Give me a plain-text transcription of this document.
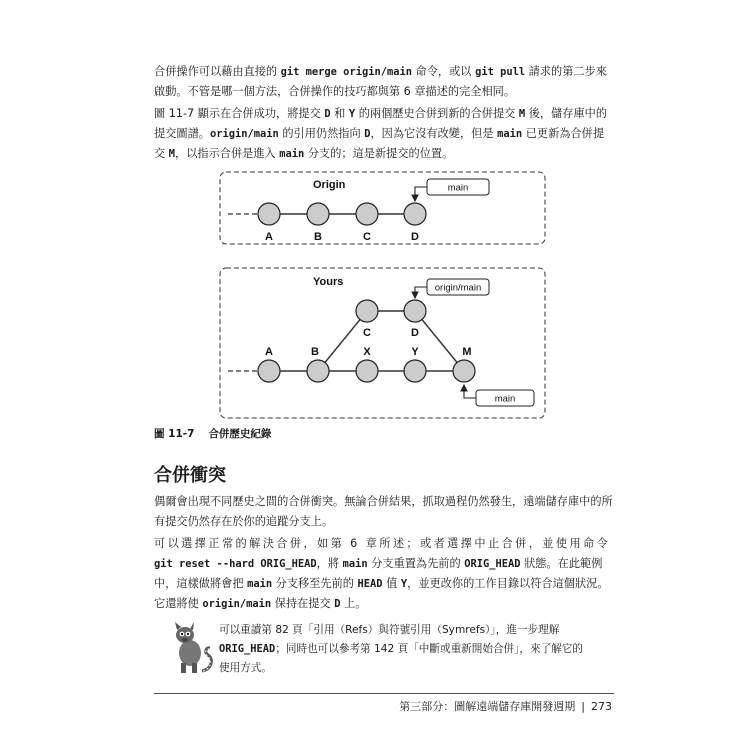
合併操作可以藉由直接的 git merge origin/main 命令，或以 git pull 請求的第二步來啟動。不管是哪一個方法，合併操作的技巧都與第 6 章描述的完全相同。

圖 11-7 顯示在合併成功，將提交 D 和 Y 的兩個歷史合併到新的合併提交 M 後，儲存庫中的提交圖譜。origin/main 的引用仍然指向 D，因為它沒有改變，但是 main 已更新為合併提交 M，以指示合併是進入 main 分支的；這是新提交的位置。

Origin
A	B	C	D
main
Yours
C	D
A	B	X	Y	M
origin/main
main
圖 11-7 合併歷史紀錄
合併衝突

偶爾會出現不同歷史之間的合併衝突。無論合併結果，抓取過程仍然發生，遠端儲存庫中的所有提交仍然存在於你的追蹤分支上。

可以選擇正常的解決合併，如第 6 章所述；或者選擇中止合併，並使用命令 git reset --hard ORIG_HEAD，將 main 分支重置為先前的 ORIG_HEAD 狀態。在此範例中，這樣做將會把 main 分支移至先前的 HEAD 值 Y，並更改你的工作目錄以符合這個狀況。它還將使 origin/main 保持在提交 D 上。

可以重讀第 82 頁「引用（Refs）與符號引用（Symrefs）」，進一步理解 ORIG_HEAD；同時也可以參考第 142 頁「中斷或重新開始合併」，來了解它的使用方式。

第三部分：圖解遠端儲存庫開發週期 | 273
